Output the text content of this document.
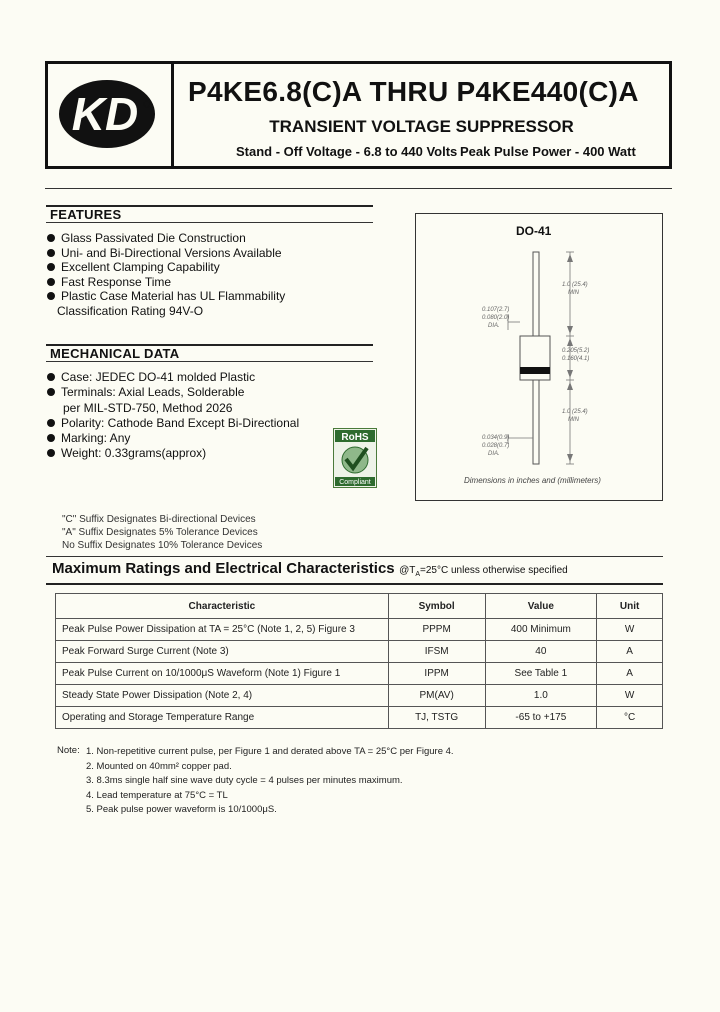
KD P4KE6.8(C)A THRU P4KE440(C)A
TRANSIENT VOLTAGE SUPPRESSOR
Stand - Off Voltage - 6.8 to 440 Volts Peak Pulse Power - 400 Watt
FEATURES
Glass Passivated Die Construction
Uni- and Bi-Directional Versions Available
Excellent Clamping Capability
Fast Response Time
Plastic Case Material has UL Flammability
Classification Rating 94V-O
MECHANICAL DATA
Case: JEDEC DO-41 molded Plastic
Terminals: Axial Leads, Solderable
per MIL-STD-750, Method 2026
Polarity: Cathode Band Except Bi-Directional
Marking: Any
Weight: 0.33grams(approx)
RoHS
Compliant
DO-41
1.0 (25.4)
MIN
0.107(2.7)
0.080(2.0)
DIA.
0.205(5.2)
0.160(4.1)
1.0 (25.4)
MIN
0.034(0.9)
0.028(0.7)
DIA.
Dimensions in inches and (millimeters)
"C" Suffix Designates Bi-directional Devices
"A" Suffix Designates 5% Tolerance Devices
No Suffix Designates 10% Tolerance Devices
Maximum Ratings and Electrical Characteristics $@T_A=25^\circ C$ unless otherwise specified
Characteristic	Symbol	Value	Unit
Peak Pulse Power Dissipation at TA = 25°C (Note 1, 2, 5) Figure 3	PPPM	400 Minimum	W
Peak Forward Surge Current (Note 3)	IFSM	40	A
Peak Pulse Current on 10/1000μS Waveform (Note 1) Figure 1	IPPM	See Table 1	A
Steady State Power Dissipation (Note 2, 4)	PM(AV)	1.0	W
Operating and Storage Temperature Range	TJ, TSTG	-65 to +175	°C
Note: 1. Non-repetitive current pulse, per Figure 1 and derated above TA = 25°C per Figure 4.
2. Mounted on 40mm² copper pad.
3. 8.3ms single half sine wave duty cycle = 4 pulses per minutes maximum.
4. Lead temperature at 75°C = TL
5. Peak pulse power waveform is 10/1000μS.
